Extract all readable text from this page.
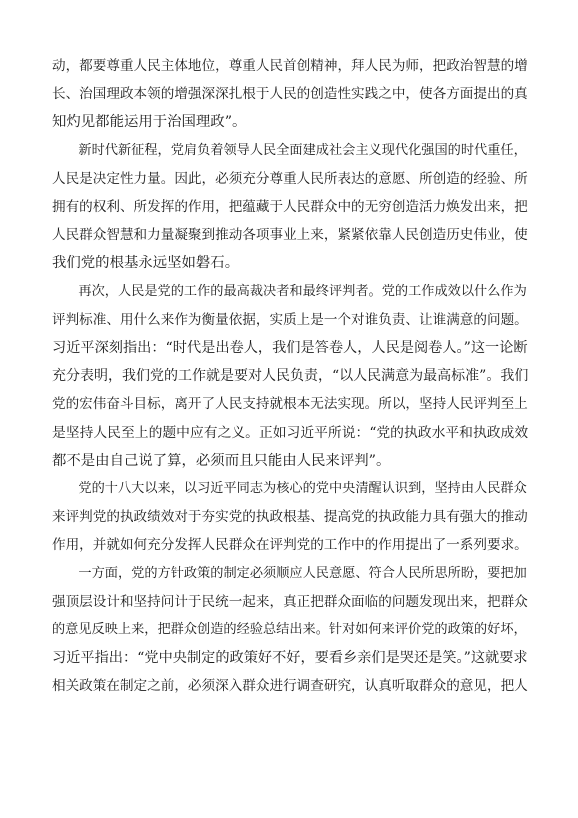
动，都要尊重人民主体地位，尊重人民首创精神，拜人民为师，把政治智慧的增
长、治国理政本领的增强深深扎根于人民的创造性实践之中，使各方面提出的真
知灼见都能运用于治国理政”。

新时代新征程，党肩负着领导人民全面建成社会主义现代化强国的时代重任，
人民是决定性力量。因此，必须充分尊重人民所表达的意愿、所创造的经验、所
拥有的权利、所发挥的作用，把蕴藏于人民群众中的无穷创造活力焕发出来，把
人民群众智慧和力量凝聚到推动各项事业上来，紧紧依靠人民创造历史伟业，使
我们党的根基永远坚如磐石。

再次，人民是党的工作的最高裁决者和最终评判者。党的工作成效以什么作为
评判标准、用什么来作为衡量依据，实质上是一个对谁负责、让谁满意的问题。
习近平深刻指出：“时代是出卷人，我们是答卷人，人民是阅卷人。”这一论断
充分表明，我们党的工作就是要对人民负责，“以人民满意为最高标准”。我们
党的宏伟奋斗目标，离开了人民支持就根本无法实现。所以，坚持人民评判至上
是坚持人民至上的题中应有之义。正如习近平所说：“党的执政水平和执政成效
都不是由自己说了算，必须而且只能由人民来评判”。

党的十八大以来，以习近平同志为核心的党中央清醒认识到，坚持由人民群众
来评判党的执政绩效对于夯实党的执政根基、提高党的执政能力具有强大的推动
作用，并就如何充分发挥人民群众在评判党的工作中的作用提出了一系列要求。

一方面，党的方针政策的制定必须顺应人民意愿、符合人民所思所盼，要把加
强顶层设计和坚持问计于民统一起来，真正把群众面临的问题发现出来，把群众
的意见反映上来，把群众创造的经验总结出来。针对如何来评价党的政策的好坏，
习近平指出：“党中央制定的政策好不好，要看乡亲们是哭还是笑。”这就要求
相关政策在制定之前，必须深入群众进行调查研究，认真听取群众的意见，把人
